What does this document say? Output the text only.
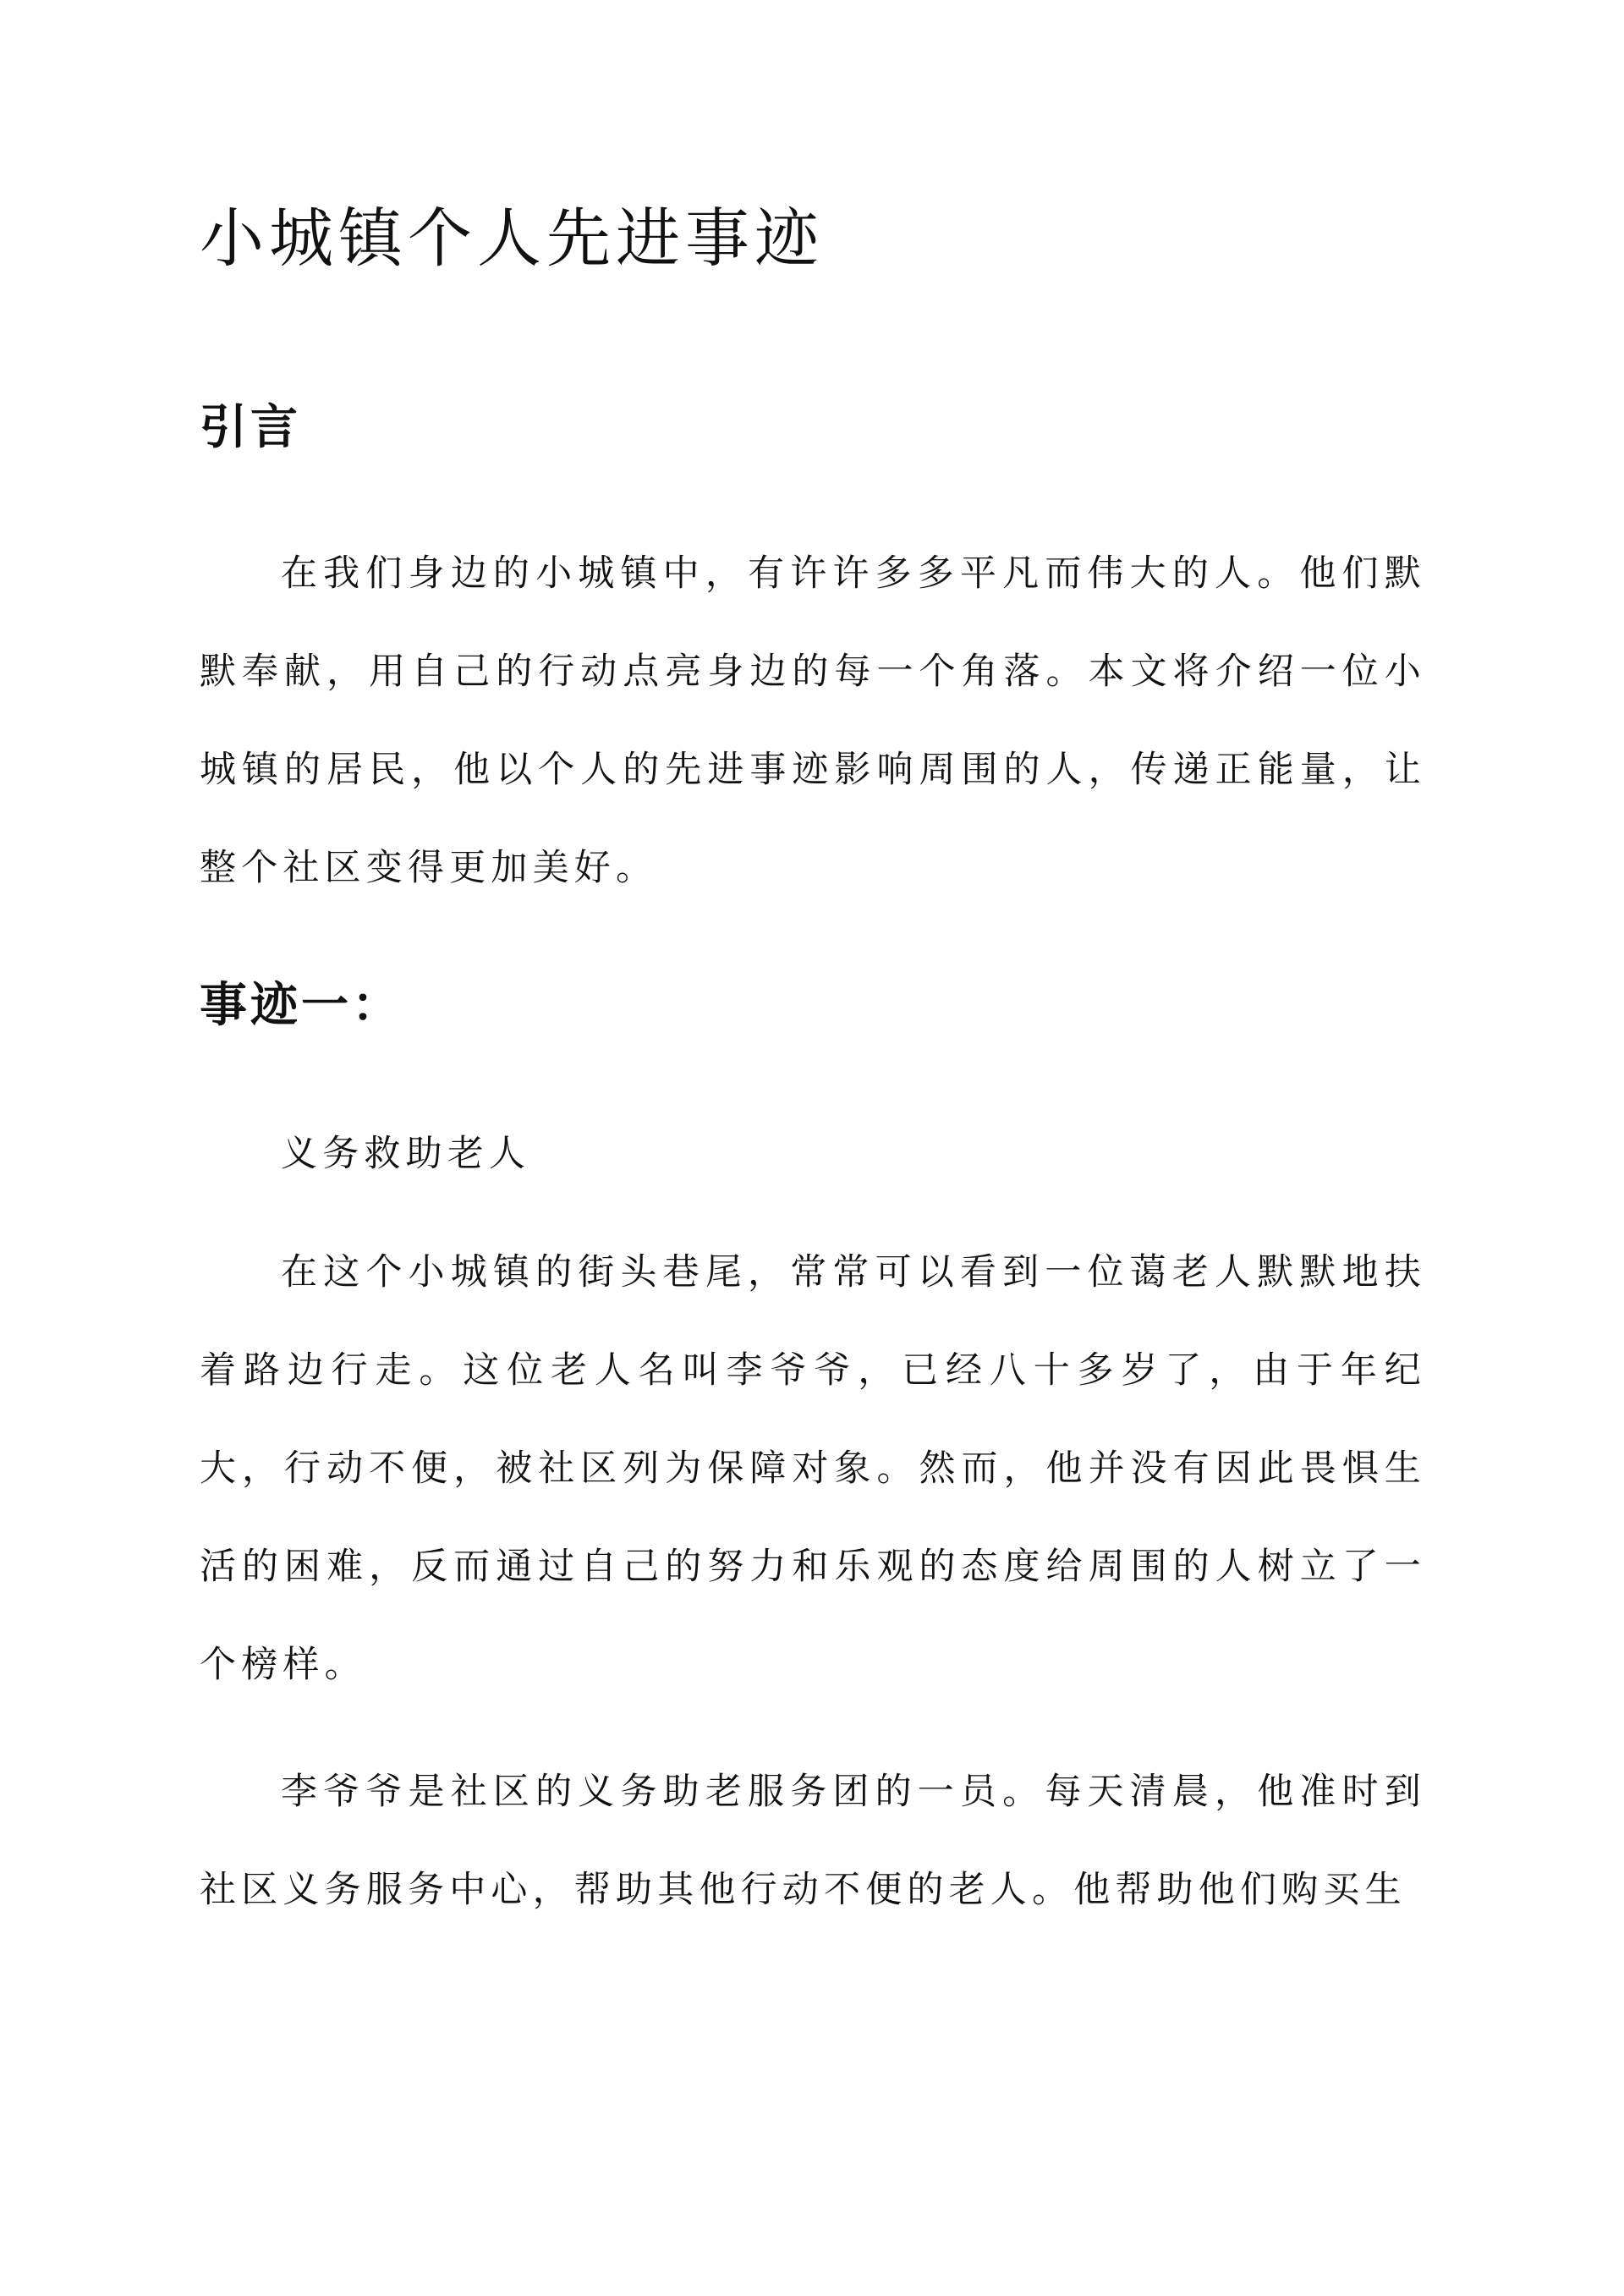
小城镇个人先进事迹
引言

在我们身边的小城镇中，有许许多多平凡而伟大的人。他们默默奉献，用自己的行动点亮身边的每一个角落。本文将介绍一位小城镇的居民，他以个人的先进事迹影响周围的人，传递正能量，让整个社区变得更加美好。

事迹一：

义务救助老人

在这个小城镇的街头巷尾，常常可以看到一位蔼老人默默地扶着路边行走。这位老人名叫李爷爷，已经八十多岁了，由于年纪大，行动不便，被社区列为保障对象。然而，他并没有因此畏惧生活的困难，反而通过自己的努力和乐观的态度给周围的人树立了一个榜样。

李爷爷是社区的义务助老服务团的一员。每天清晨，他准时到社区义务服务中心，帮助其他行动不便的老人。他帮助他们购买生
